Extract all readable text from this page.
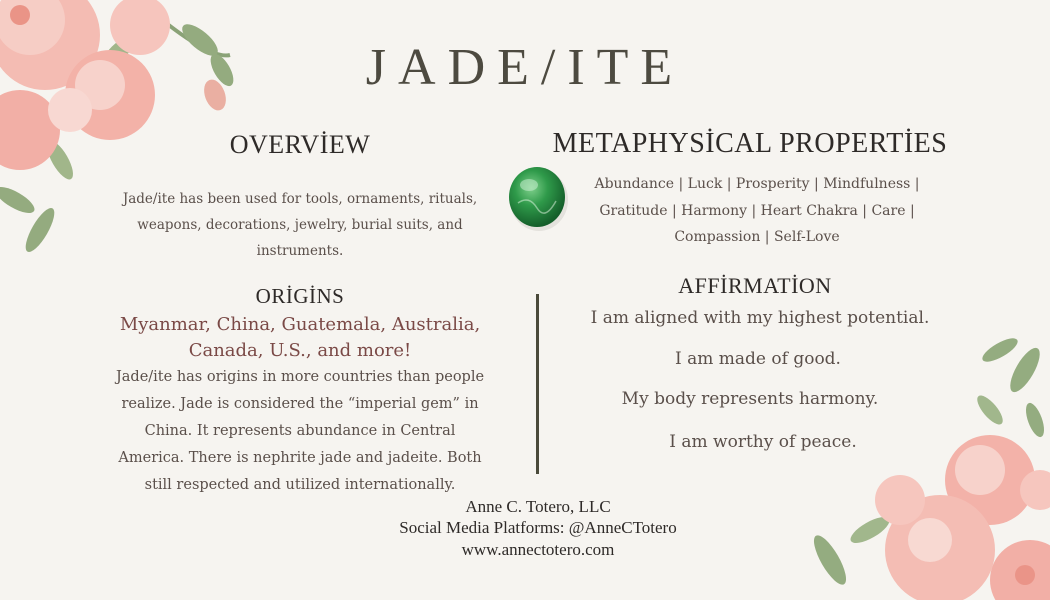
JADE/ITE
OVERVİEW
Jade/ite has been used for tools, ornaments, rituals, weapons, decorations, jewelry, burial suits, and instruments.
ORİGİNS
Myanmar, China, Guatemala, Australia, Canada, U.S., and more!
Jade/ite has origins in more countries than people realize. Jade is considered the “imperial gem” in China. It represents abundance in Central America. There is nephrite jade and jadeite. Both still respected and utilized internationally.
METAPHYSİCAL PROPERTİES
Abundance | Luck | Prosperity | Mindfulness | Gratitude | Harmony | Heart Chakra | Care | Compassion | Self-Love
AFFİRMATİON
I am aligned with my highest potential.
I am made of good.
My body represents harmony.
I am worthy of peace.
Anne C. Totero, LLC
Social Media Platforms: @AnneCTotero
www.annectotero.com
